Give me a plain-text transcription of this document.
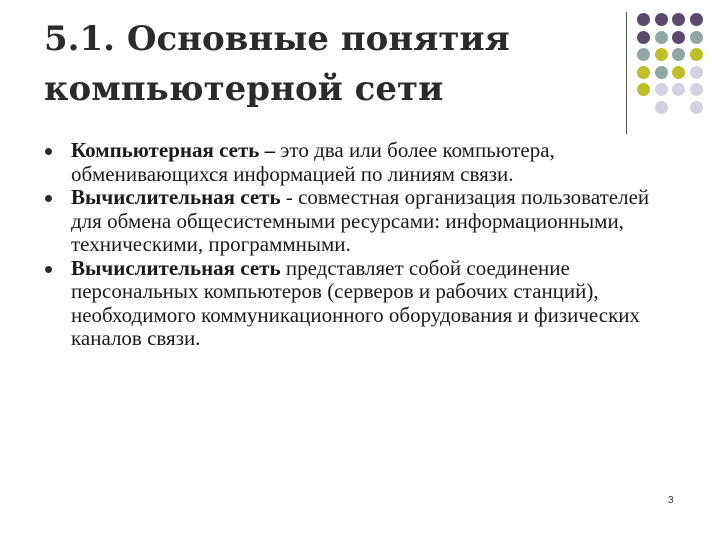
5.1. Основные понятия
компьютерной сети

Компьютерная сеть – это два или более компьютера, обменивающихся информацией по линиям связи.

Вычислительная сеть - совместная организация пользователей для обмена общесистемными ресурсами: информационными, техническими, программными.

Вычислительная сеть представляет собой соединение персональных компьютеров (серверов и рабочих станций), необходимого коммуникационного оборудования и физических каналов связи.

3
